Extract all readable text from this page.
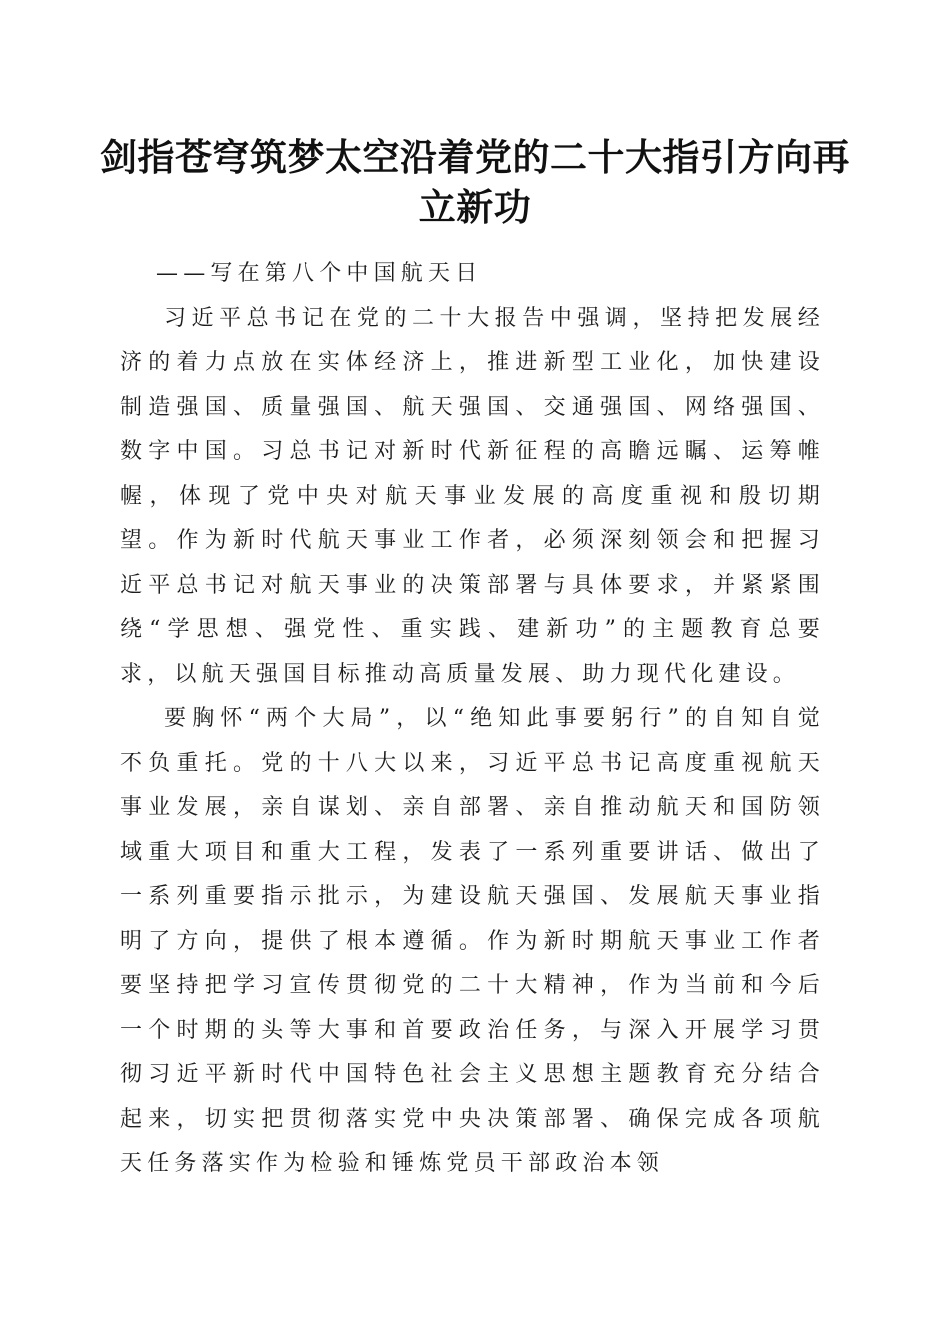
剑指苍穹筑梦太空沿着党的二十大指引方向再立新功

——写在第八个中国航天日

习近平总书记在党的二十大报告中强调，坚持把发展经济的着力点放在实体经济上，推进新型工业化，加快建设制造强国、质量强国、航天强国、交通强国、网络强国、数字中国。习总书记对新时代新征程的高瞻远瞩、运筹帷幄，体现了党中央对航天事业发展的高度重视和殷切期望。作为新时代航天事业工作者，必须深刻领会和把握习近平总书记对航天事业的决策部署与具体要求，并紧紧围绕“学思想、强党性、重实践、建新功”的主题教育总要求，以航天强国目标推动高质量发展、助力现代化建设。

要胸怀“两个大局”，以“绝知此事要躬行”的自知自觉不负重托。党的十八大以来，习近平总书记高度重视航天事业发展，亲自谋划、亲自部署、亲自推动航天和国防领域重大项目和重大工程，发表了一系列重要讲话、做出了一系列重要指示批示，为建设航天强国、发展航天事业指明了方向，提供了根本遵循。作为新时期航天事业工作者要坚持把学习宣传贯彻党的二十大精神，作为当前和今后一个时期的头等大事和首要政治任务，与深入开展学习贯彻习近平新时代中国特色社会主义思想主题教育充分结合起来，切实把贯彻落实党中央决策部署、确保完成各项航天任务落实作为检验和锤炼党员干部政治本领
